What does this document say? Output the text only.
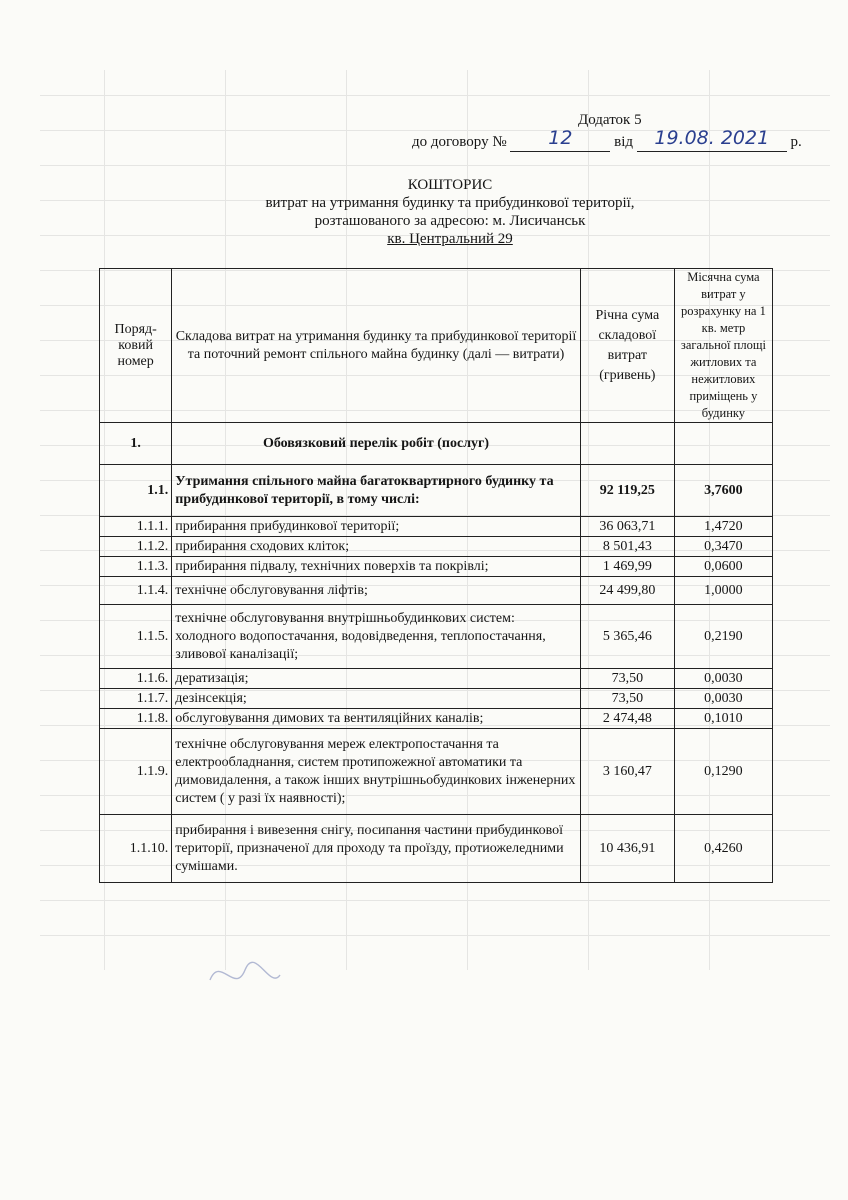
Додаток 5
до договору №	12	від	19.08. 2021	р.
КОШТОРИС
витрат на утримання будинку та прибудинкової території,
розташованого за адресою: м. Лисичанськ
кв. Центральний 29
Поряд-ковий номер	Складова витрат на утримання будинку та прибудинкової території та поточний ремонт спільного майна будинку (далі — витрати)	Річна сума складової витрат (гривень)	Місячна сума витрат у розрахунку на 1 кв. метр загальної площі житлових та нежитлових приміщень у будинку
1.	Обовязковий перелік робіт (послуг)		
1.1.	Утримання спільного майна багатоквартирного будинку та прибудинкової території, в тому числі:	92 119,25	3,7600
1.1.1.	прибирання прибудинкової території;	36 063,71	1,4720
1.1.2.	прибирання сходових кліток;	8 501,43	0,3470
1.1.3.	прибирання підвалу, технічних поверхів та покрівлі;	1 469,99	0,0600
1.1.4.	технічне обслуговування ліфтів;	24 499,80	1,0000
1.1.5.	технічне обслуговування внутрішньобудинкових систем: холодного водопостачання, водовідведення, теплопостачання, зливової каналізації;	5 365,46	0,2190
1.1.6.	дератизація;	73,50	0,0030
1.1.7.	дезінсекція;	73,50	0,0030
1.1.8.	обслуговування димових та вентиляційних каналів;	2 474,48	0,1010
1.1.9.	технічне обслуговування мереж електропостачання та електрообладнання, систем протипожежної автоматики та димовидалення, а також інших внутрішньобудинкових інженерних систем ( у разі їх наявності);	3 160,47	0,1290
1.1.10.	прибирання і вивезення снігу, посипання частини прибудинкової території, призначеної для проходу та проїзду, протиожеледними сумішами.	10 436,91	0,4260
